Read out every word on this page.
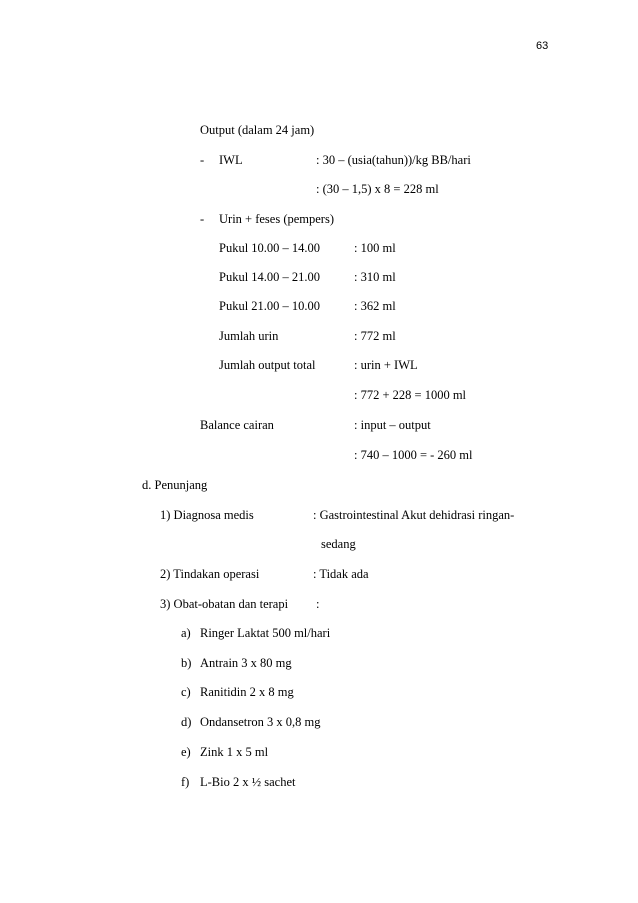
63
Output (dalam 24 jam)
- IWL	: 30 – (usia(tahun))/kg BB/hari
: (30 – 1,5) x 8 = 228 ml
- Urin + feses (pempers)
Pukul 10.00 – 14.00	: 100 ml
Pukul 14.00 – 21.00	: 310 ml
Pukul 21.00 – 10.00	: 362 ml
Jumlah urin	: 772 ml
Jumlah output total	: urin + IWL
: 772 + 228 = 1000 ml
Balance cairan	: input – output
: 740 – 1000 = - 260 ml
d. Penunjang
1) Diagnosa medis	: Gastrointestinal Akut dehidrasi ringan-
sedang
2) Tindakan operasi	: Tidak ada
3) Obat-obatan dan terapi :
a) Ringer Laktat 500 ml/hari
b) Antrain 3 x 80 mg
c) Ranitidin 2 x 8 mg
d) Ondansetron 3 x 0,8 mg
e) Zink 1 x 5 ml
f) L-Bio 2 x ½ sachet
